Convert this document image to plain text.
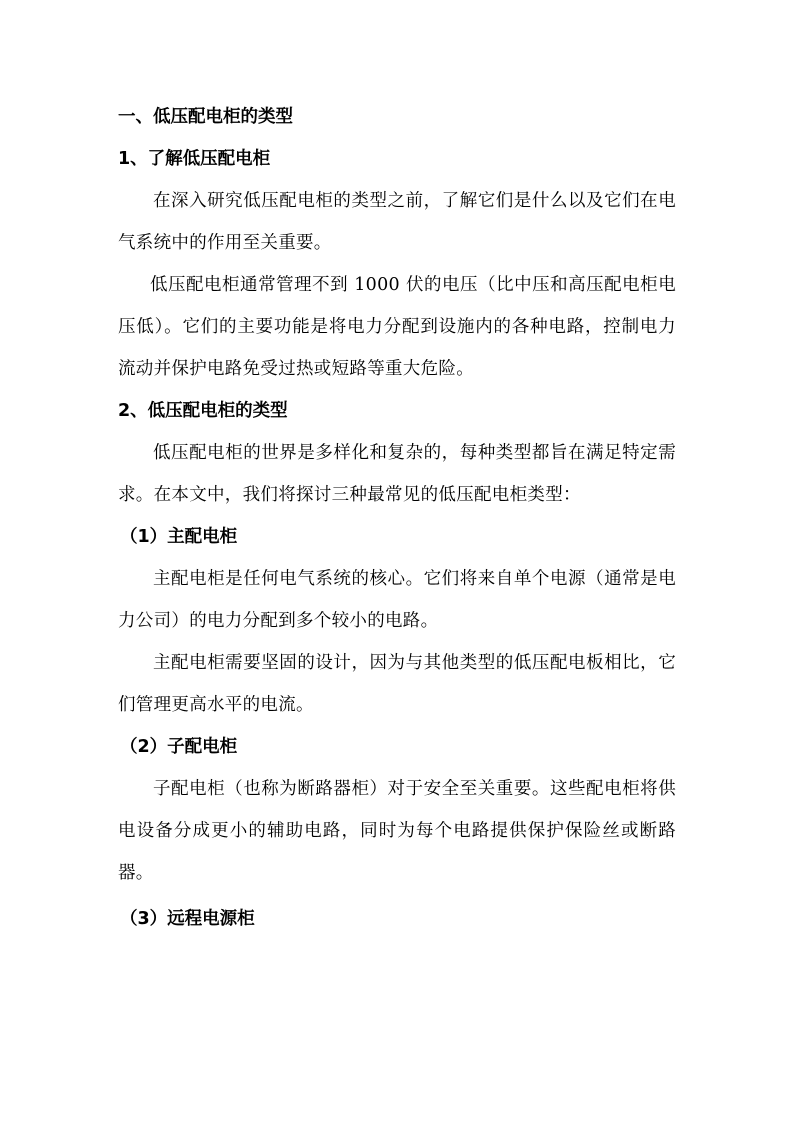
一、低压配电柜的类型
1、了解低压配电柜

在深入研究低压配电柜的类型之前，了解它们是什么以及它们在电气系统中的作用至关重要。

低压配电柜通常管理不到 1000 伏的电压（比中压和高压配电柜电压低）。它们的主要功能是将电力分配到设施内的各种电路，控制电力流动并保护电路免受过热或短路等重大危险。

2、低压配电柜的类型

低压配电柜的世界是多样化和复杂的，每种类型都旨在满足特定需求。在本文中，我们将探讨三种最常见的低压配电柜类型：

（1）主配电柜

主配电柜是任何电气系统的核心。它们将来自单个电源（通常是电力公司）的电力分配到多个较小的电路。

主配电柜需要坚固的设计，因为与其他类型的低压配电板相比，它们管理更高水平的电流。

（2）子配电柜

子配电柜（也称为断路器柜）对于安全至关重要。这些配电柜将供电设备分成更小的辅助电路，同时为每个电路提供保护保险丝或断路器。

（3）远程电源柜
